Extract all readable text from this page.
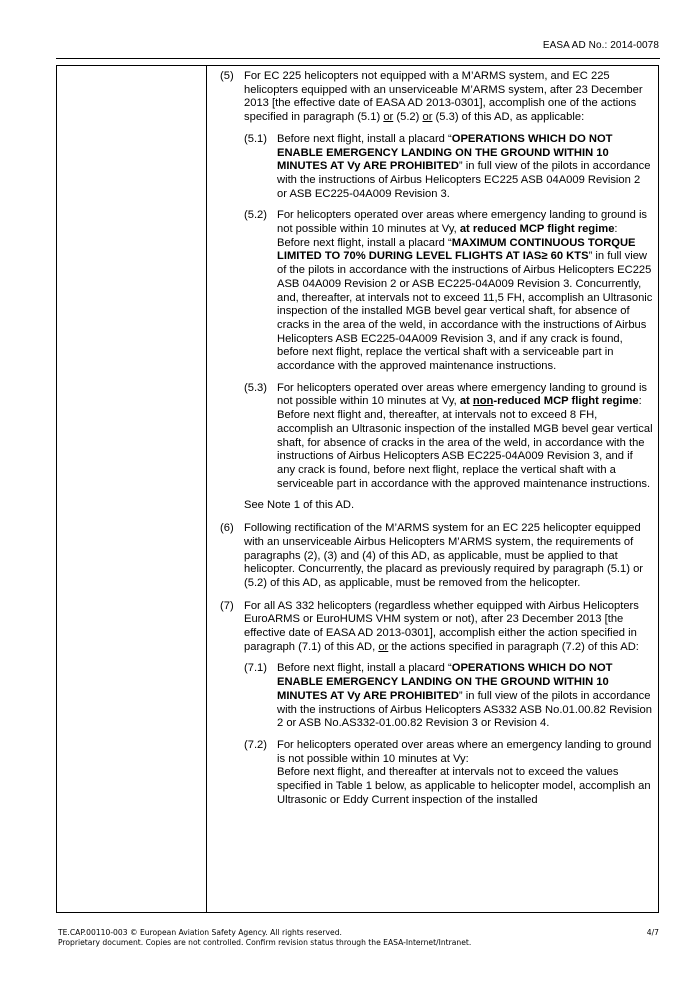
EASA AD No.: 2014-0078
(5) For EC 225 helicopters not equipped with a M’ARMS system, and EC 225 helicopters equipped with an unserviceable M’ARMS system, after 23 December 2013 [the effective date of EASA AD 2013-0301], accomplish one of the actions specified in paragraph (5.1) or (5.2) or (5.3) of this AD, as applicable:
(5.1) Before next flight, install a placard “OPERATIONS WHICH DO NOT ENABLE EMERGENCY LANDING ON THE GROUND WITHIN 10 MINUTES AT Vy ARE PROHIBITED” in full view of the pilots in accordance with the instructions of Airbus Helicopters EC225 ASB 04A009 Revision 2 or ASB EC225-04A009 Revision 3.
(5.2) For helicopters operated over areas where emergency landing to ground is not possible within 10 minutes at Vy, at reduced MCP flight regime:
Before next flight, install a placard “MAXIMUM CONTINUOUS TORQUE LIMITED TO 70% DURING LEVEL FLIGHTS AT IAS≥ 60 KTS” in full view of the pilots in accordance with the instructions of Airbus Helicopters EC225 ASB 04A009 Revision 2 or ASB EC225-04A009 Revision 3. Concurrently, and, thereafter, at intervals not to exceed 11,5 FH, accomplish an Ultrasonic inspection of the installed MGB bevel gear vertical shaft, for absence of cracks in the area of the weld, in accordance with the instructions of Airbus Helicopters ASB EC225-04A009 Revision 3, and if any crack is found, before next flight, replace the vertical shaft with a serviceable part in accordance with the approved maintenance instructions.
(5.3) For helicopters operated over areas where emergency landing to ground is not possible within 10 minutes at Vy, at non-reduced MCP flight regime:
Before next flight and, thereafter, at intervals not to exceed 8 FH, accomplish an Ultrasonic inspection of the installed MGB bevel gear vertical shaft, for absence of cracks in the area of the weld, in accordance with the instructions of Airbus Helicopters ASB EC225-04A009 Revision 3, and if any crack is found, before next flight, replace the vertical shaft with a serviceable part in accordance with the approved maintenance instructions.
See Note 1 of this AD.
(6) Following rectification of the M’ARMS system for an EC 225 helicopter equipped with an unserviceable Airbus Helicopters M’ARMS system, the requirements of paragraphs (2), (3) and (4) of this AD, as applicable, must be applied to that helicopter. Concurrently, the placard as previously required by paragraph (5.1) or (5.2) of this AD, as applicable, must be removed from the helicopter.
(7) For all AS 332 helicopters (regardless whether equipped with Airbus Helicopters EuroARMS or EuroHUMS VHM system or not), after 23 December 2013 [the effective date of EASA AD 2013-0301], accomplish either the action specified in paragraph (7.1) of this AD, or the actions specified in paragraph (7.2) of this AD:
(7.1) Before next flight, install a placard “OPERATIONS WHICH DO NOT ENABLE EMERGENCY LANDING ON THE GROUND WITHIN 10 MINUTES AT Vy ARE PROHIBITED” in full view of the pilots in accordance with the instructions of Airbus Helicopters AS332 ASB No.01.00.82 Revision 2 or ASB No.AS332-01.00.82 Revision 3 or Revision 4.
(7.2) For helicopters operated over areas where an emergency landing to ground is not possible within 10 minutes at Vy:
Before next flight, and thereafter at intervals not to exceed the values specified in Table 1 below, as applicable to helicopter model, accomplish an Ultrasonic or Eddy Current inspection of the installed
TE.CAP.00110-003 © European Aviation Safety Agency. All rights reserved.
Proprietary document. Copies are not controlled. Confirm revision status through the EASA-Internet/Intranet.
4/7
